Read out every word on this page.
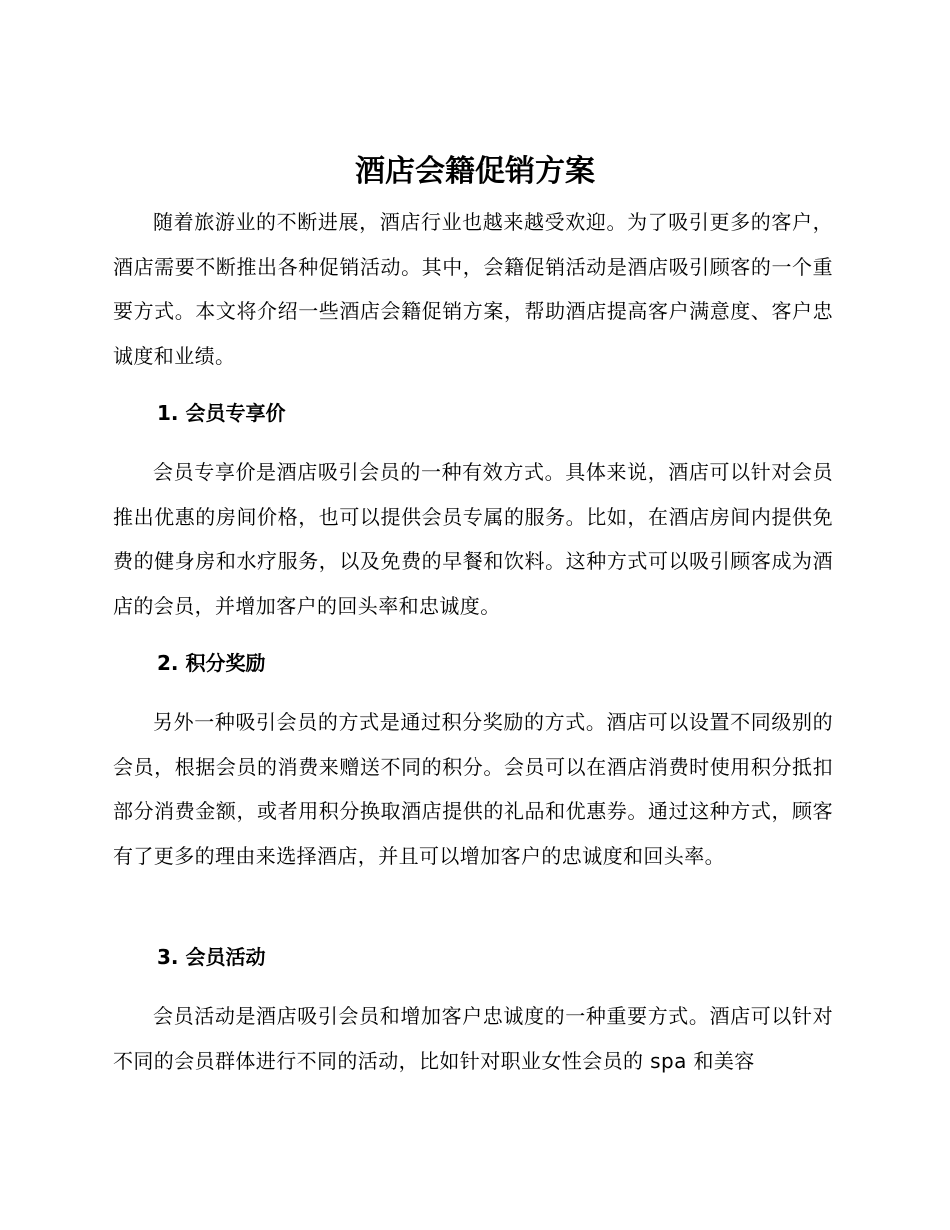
酒店会籍促销方案

随着旅游业的不断进展，酒店行业也越来越受欢迎。为了吸引更多的客户，酒店需要不断推出各种促销活动。其中，会籍促销活动是酒店吸引顾客的一个重要方式。本文将介绍一些酒店会籍促销方案，帮助酒店提高客户满意度、客户忠诚度和业绩。

1. 会员专享价

会员专享价是酒店吸引会员的一种有效方式。具体来说，酒店可以针对会员推出优惠的房间价格，也可以提供会员专属的服务。比如，在酒店房间内提供免费的健身房和水疗服务，以及免费的早餐和饮料。这种方式可以吸引顾客成为酒店的会员，并增加客户的回头率和忠诚度。

2. 积分奖励

另外一种吸引会员的方式是通过积分奖励的方式。酒店可以设置不同级别的会员，根据会员的消费来赠送不同的积分。会员可以在酒店消费时使用积分抵扣部分消费金额，或者用积分换取酒店提供的礼品和优惠券。通过这种方式，顾客有了更多的理由来选择酒店，并且可以增加客户的忠诚度和回头率。

3. 会员活动

会员活动是酒店吸引会员和增加客户忠诚度的一种重要方式。酒店可以针对不同的会员群体进行不同的活动，比如针对职业女性会员的 spa 和美容
